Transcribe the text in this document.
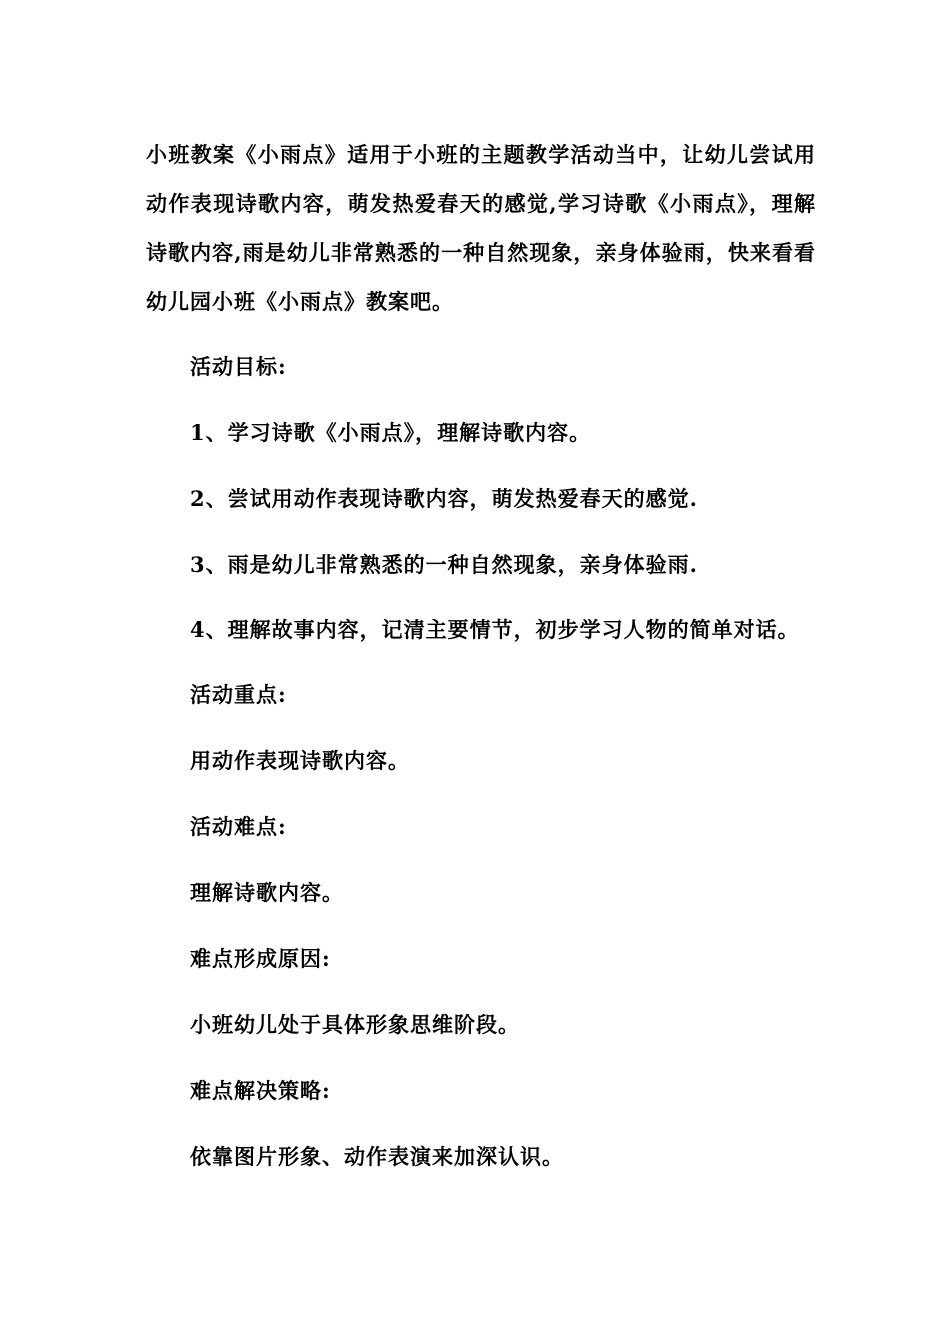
小班教案《小雨点》适用于小班的主题教学活动当中，让幼儿尝试用动作表现诗歌内容，萌发热爱春天的感觉,学习诗歌《小雨点》，理解诗歌内容,雨是幼儿非常熟悉的一种自然现象，亲身体验雨，快来看看幼儿园小班《小雨点》教案吧。

活动目标:

1、学习诗歌《小雨点》，理解诗歌内容。

2、尝试用动作表现诗歌内容，萌发热爱春天的感觉.

3、雨是幼儿非常熟悉的一种自然现象，亲身体验雨.

4、理解故事内容，记清主要情节，初步学习人物的简单对话。

活动重点:

用动作表现诗歌内容。

活动难点:

理解诗歌内容。

难点形成原因:

小班幼儿处于具体形象思维阶段。

难点解决策略:

依靠图片形象、动作表演来加深认识。
